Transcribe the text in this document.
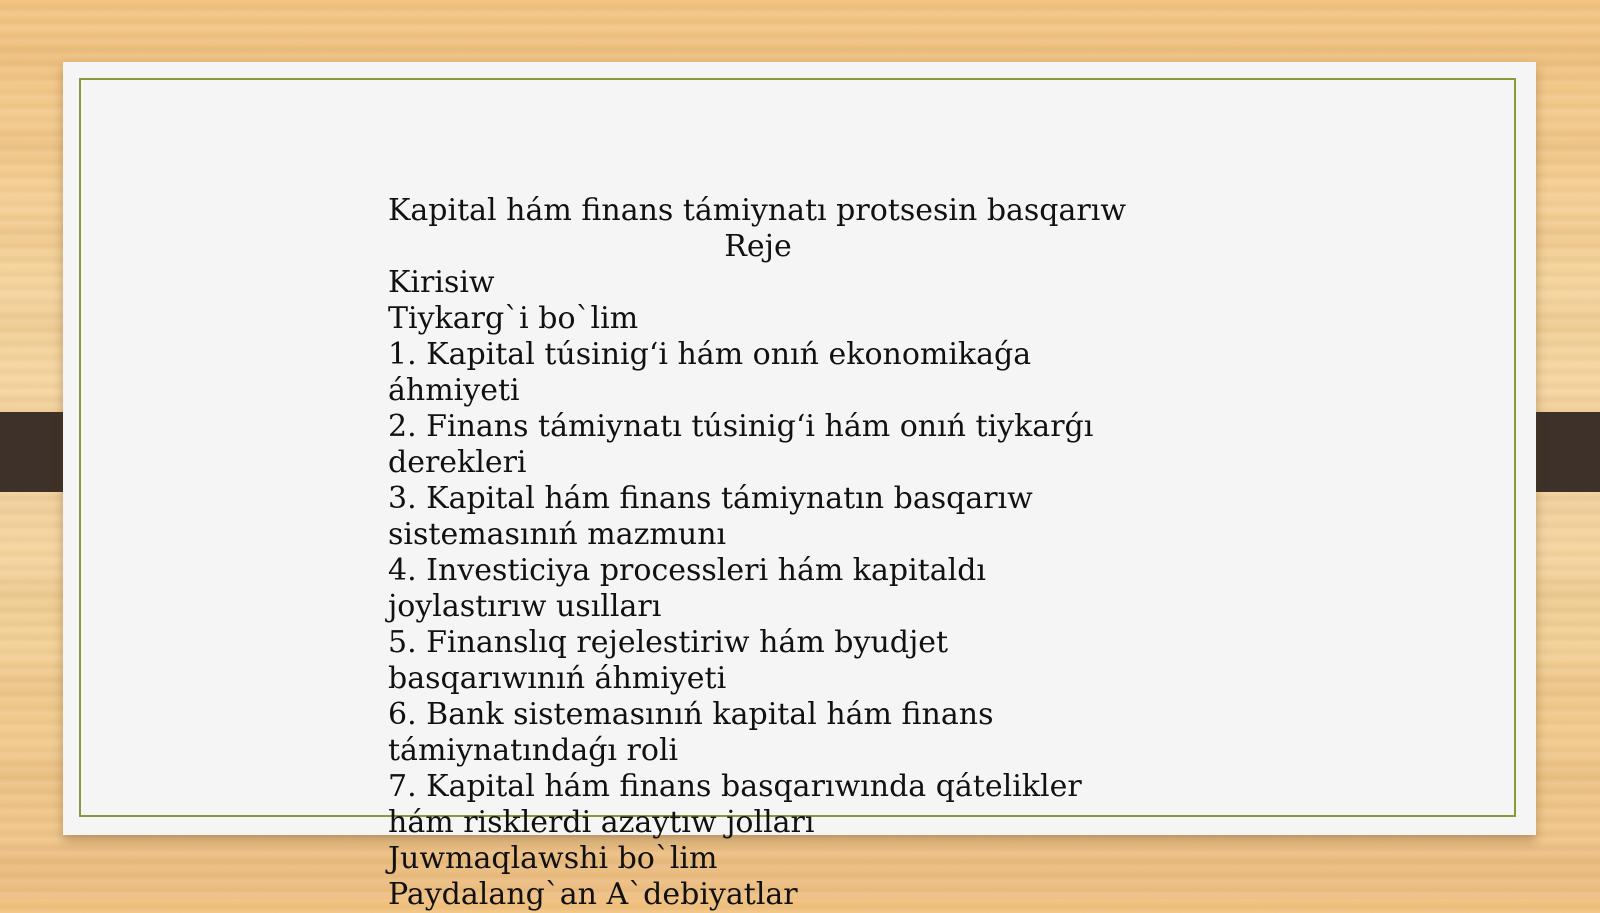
Kapital hám finans támiynatı protsesin basqarıw
Reje
Kirisiw
Tiykarg`i bo`lim
1. Kapital túsinig‘i hám onıń ekonomikaǵa áhmiyeti
2. Finans támiynatı túsinig‘i hám onıń tiykarǵı derekleri
3. Kapital hám finans támiynatın basqarıw sistemasınıń mazmunı
4. Investiciya processleri hám kapitaldı joylastırıw usılları
5. Finanslıq rejelestiriw hám byudjet basqarıwınıń áhmiyeti
6. Bank sistemasınıń kapital hám finans támiynatındaǵı roli
7. Kapital hám finans basqarıwında qátelikler hám risklerdi azaytıw jolları
Juwmaqlawshi bo`lim
Paydalang`an A`debiyatlar
